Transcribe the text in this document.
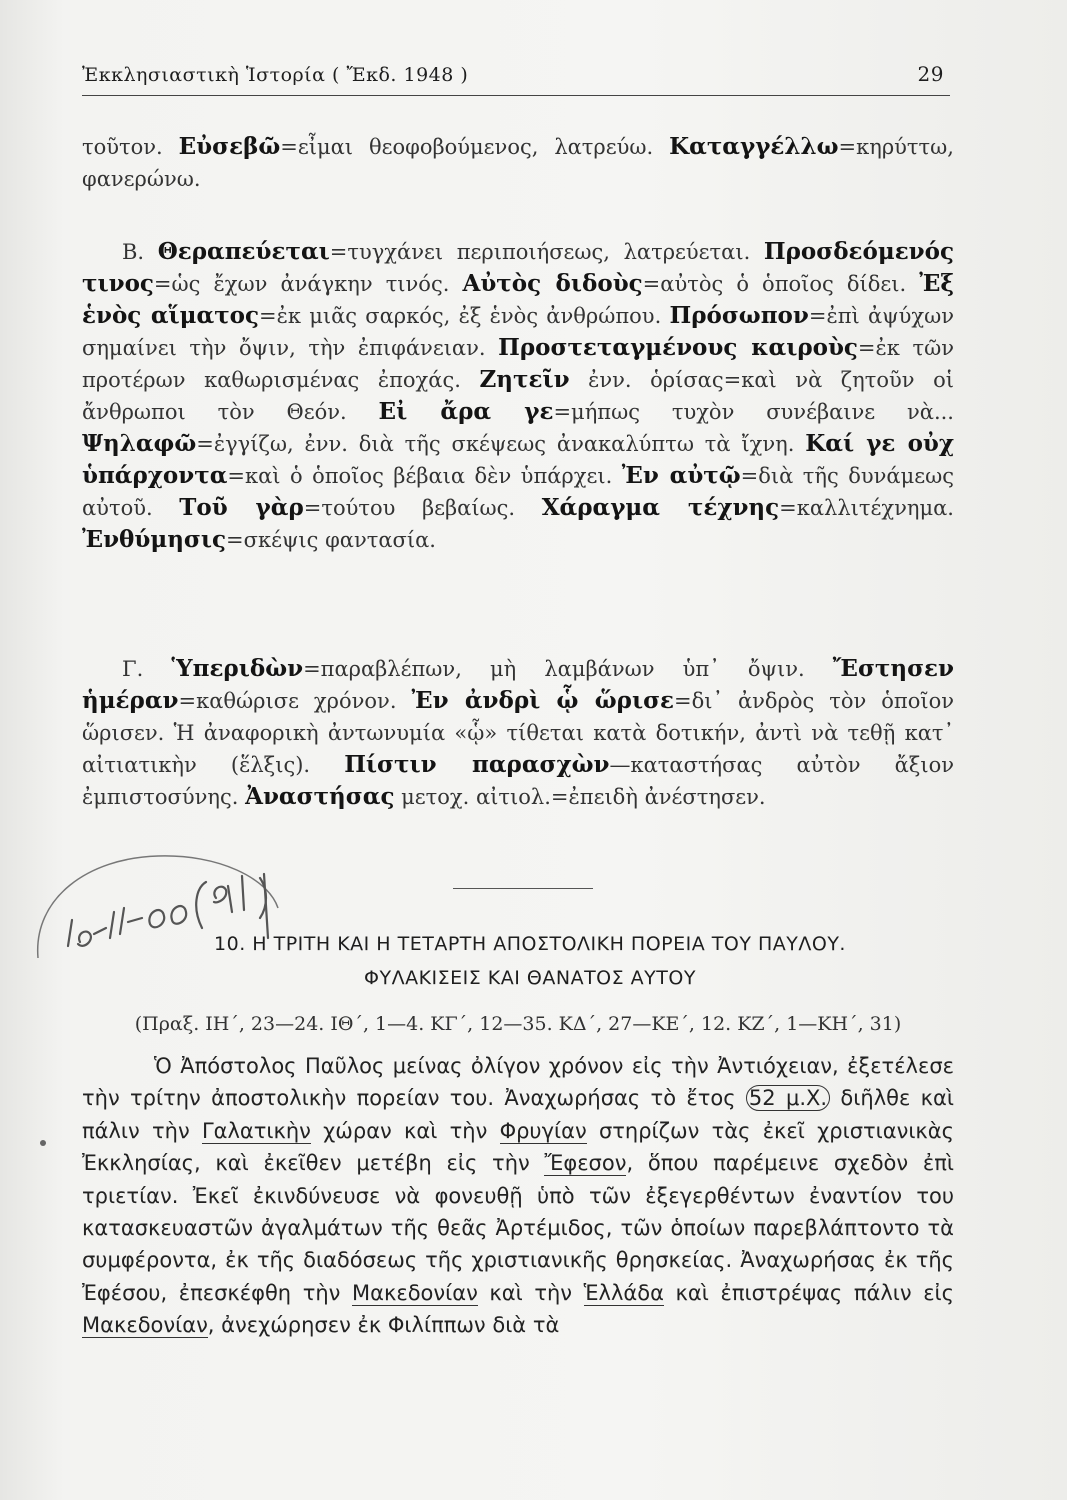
Ἐκκλησιαστικὴ Ἱστορία ( Ἔκδ. 1948 )	29
τοῦτον. Εὐσεβῶ=εἶμαι θεοφοβούμενος, λατρεύω. Καταγγέλλω=κηρύττω, φανερώνω.
Β. Θεραπεύεται=τυγχάνει περιποιήσεως, λατρεύεται. Προσδεόμενός τινος=ὡς ἔχων ἀνάγκην τινός. Αὐτὸς διδοὺς=αὐτὸς ὁ ὁποῖος δίδει. Ἐξ ἑνὸς αἵματος=ἐκ μιᾶς σαρκός, ἐξ ἑνὸς ἀνθρώπου. Πρόσωπον=ἐπὶ ἀψύχων σημαίνει τὴν ὄψιν, τὴν ἐπιφάνειαν. Προστεταγμένους καιροὺς=ἐκ τῶν προτέρων καθωρισμένας ἐποχάς. Ζητεῖν ἐνν. ὁρίσας=καὶ νὰ ζητοῦν οἱ ἄνθρωποι τὸν Θεόν. Εἰ ἄρα γε=μήπως τυχὸν συνέβαινε νὰ... Ψηλαφῶ=ἐγγίζω, ἐνν. διὰ τῆς σκέψεως ἀνακαλύπτω τὰ ἴχνη. Καί γε οὐχ ὑπάρχοντα=καὶ ὁ ὁποῖος βέβαια δὲν ὑπάρχει. Ἐν αὐτῷ=διὰ τῆς δυνάμεως αὐτοῦ. Τοῦ γὰρ=τούτου βεβαίως. Χάραγμα τέχνης=καλλιτέχνημα. Ἐνθύμησις=σκέψις φαντασία.
Γ. Ὑπεριδὼν=παραβλέπων, μὴ λαμβάνων ὑπ᾿ ὄψιν. Ἔστησεν ἡμέραν=καθώρισε χρόνον. Ἐν ἀνδρὶ ᾧ ὥρισε=δι᾿ ἀνδρὸς τὸν ὁποῖον ὥρισεν. Ἡ ἀναφορικὴ ἀντωνυμία «ᾧ» τίθεται κατὰ δοτικήν, ἀντὶ νὰ τεθῇ κατ᾿ αἰτιατικὴν (ἕλξις). Πίστιν παρασχὼν—καταστήσας αὐτὸν ἄξιον ἐμπιστοσύνης. Ἀναστήσας μετοχ. αἰτιολ.=ἐπειδὴ ἀνέστησεν.
10. Η ΤΡΙΤΗ ΚΑΙ Η ΤΕΤΑΡΤΗ ΑΠΟΣΤΟΛΙΚΗ ΠΟΡΕΙΑ ΤΟΥ ΠΑΥΛΟΥ.
ΦΥΛΑΚΙΣΕΙΣ ΚΑΙ ΘΑΝΑΤΟΣ ΑΥΤΟΥ
(Πραξ. ΙΗ΄, 23—24. ΙΘ΄, 1—4. ΚΓ΄, 12—35. ΚΔ΄, 27—ΚΕ΄, 12. ΚΖ΄, 1—ΚΗ΄, 31)
Ὁ Ἀπόστολος Παῦλος μείνας ὀλίγον χρόνον εἰς τὴν Ἀντιόχειαν, ἐξετέλεσε τὴν τρίτην ἀποστολικὴν πορείαν του. Ἀναχωρήσας τὸ ἔτος 52 μ.Χ. διῆλθε καὶ πάλιν τὴν Γαλατικὴν χώραν καὶ τὴν Φρυγίαν στηρίζων τὰς ἐκεῖ χριστιανικὰς Ἐκκλησίας, καὶ ἐκεῖθεν μετέβη εἰς τὴν Ἔφεσον, ὅπου παρέμεινε σχεδὸν ἐπὶ τριετίαν. Ἐκεῖ ἐκινδύνευσε νὰ φονευθῇ ὑπὸ τῶν ἐξεγερθέντων ἐναντίον του κατασκευαστῶν ἀγαλμάτων τῆς θεᾶς Ἀρτέμιδος, τῶν ὁποίων παρεβλάπτοντο τὰ συμφέροντα, ἐκ τῆς διαδόσεως τῆς χριστιανικῆς θρησκείας. Ἀναχωρήσας ἐκ τῆς Ἐφέσου, ἐπεσκέφθη τὴν Μακεδονίαν καὶ τὴν Ἑλλάδα καὶ ἐπιστρέψας πάλιν εἰς Μακεδονίαν, ἀνεχώρησεν ἐκ Φιλίππων διὰ τὰ
